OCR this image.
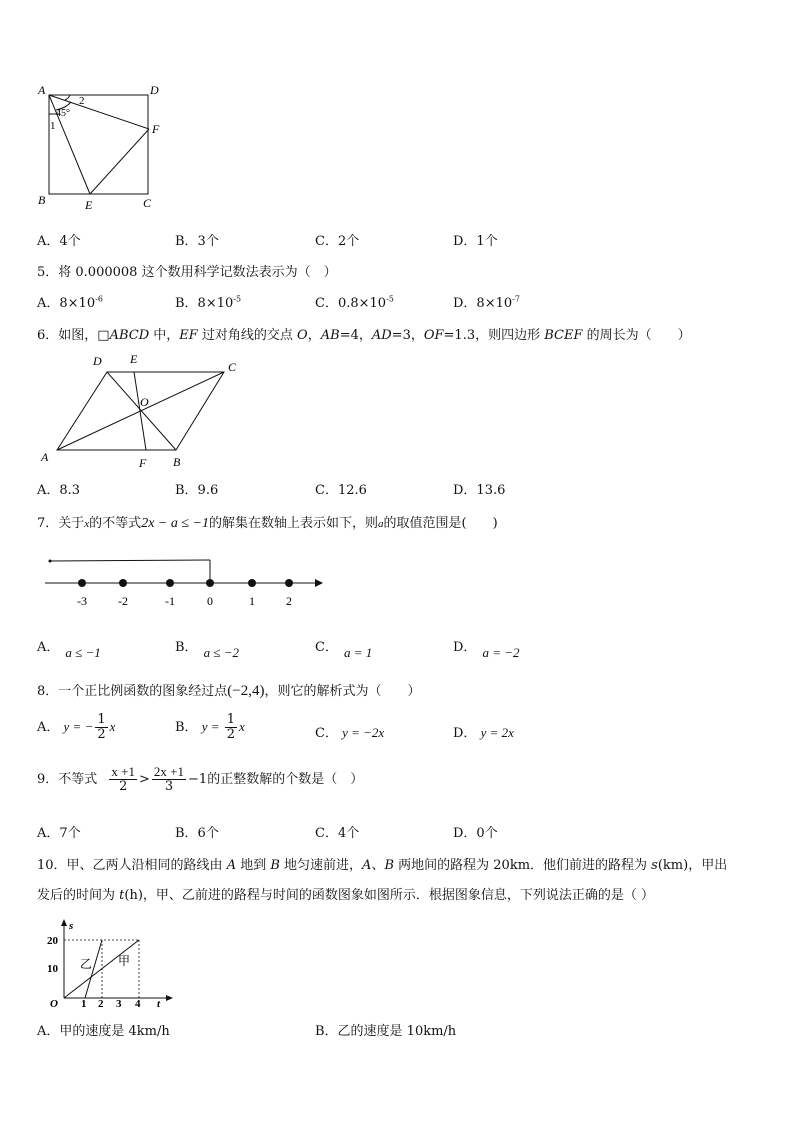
A	D
B	C
E
F
1
2
45°
A．4个	B．3个	C．2个	D．1个
5．将 0.000008 这个数用科学记数法表示为（　）
A．$8\times 10^{-6}$	B．$8\times 10^{-5}$	C．$0.8\times 10^{-5}$	D．$8\times 10^{-7}$
6．如图，□ABCD 中，EF 过对角线的交点 O，AB=4，AD=3，OF=1.3，则四边形 BCEF 的周长为（　　）
A
D E
C
O
F B
A．8.3	B．9.6	C．12.6	D．13.6
7．关于x的不等式2x − a ≤ −1的解集在数轴上表示如下，则a的取值范围是(　　)
-3	-2	-1	0	1	2
A． a ≤ −1	B． a ≤ −2	C． a = 1	D． a = −2
8．一个正比例函数的图象经过点(−2,4)，则它的解析式为（　　）
A． y = − $\frac{1}{2}$ x	B． $y = \frac{1}{2}$ x	C． y = −2x	D． y = 2x
9．不等式 $\frac{x +1}{2} > \frac{2x +1}{3} -1$的正整数解的个数是（　）
A．7个	B．6个	C．4个	D．0个
10．甲、乙两人沿相同的路线由 A 地到 B 地匀速前进，A、B 两地间的路程为 20km．他们前进的路程为 s(km)，甲出
发后的时间为 t(h)，甲、乙前进的路程与时间的函数图象如图所示．根据图象信息，下列说法正确的是（ ）
s
t
O
20
10
1 2 3 4
乙 甲
A．甲的速度是 4km/h	B．乙的速度是 10km/h
